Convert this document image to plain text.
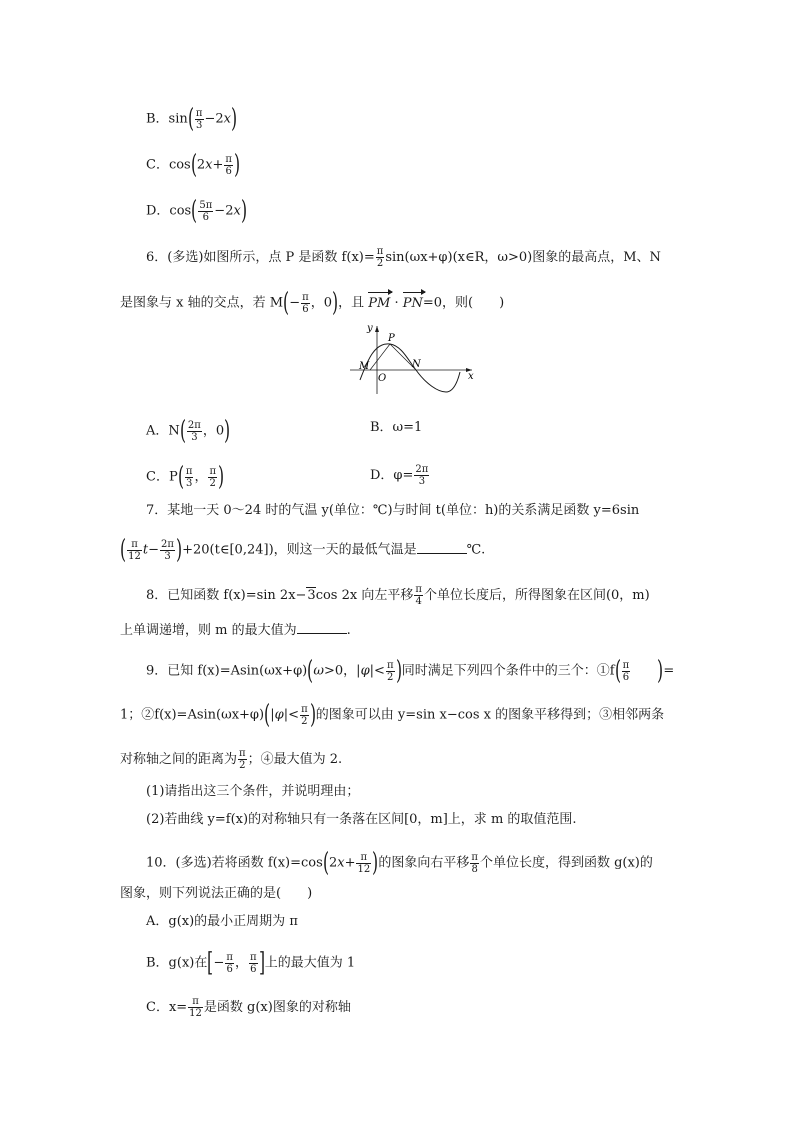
B．$\sin( \frac{\pi}{3} -2x)$
C．$\cos(2x+ \frac{\pi}{6}$ )
D．$\cos( \frac{5\pi}{6} -2x)$
6．(多选)如图所示，点 P 是函数 $f(x)= \frac{\pi}{2}$ sin(ωx+φ)(x∈R，ω>0)图象的最高点，M、N
是图象与 x 轴的交点，若 $M(- \frac{\pi}{6}$ ，0)，且 PM · PN=0，则(　　)
y
x
P
M	N
O
A．$N( \frac{2\pi}{3}$ ，0)	B．ω=1
C．$P( \frac{\pi}{3}$ ， $\frac{\pi}{2}$ )	D．$\varphi= \frac{2\pi}{3}$
7．某地一天 0～24 时的气温 y(单位：℃)与时间 t(单位：h)的关系满足函数 y=6sin
( $\frac{\pi}{12} t- \frac{2\pi}{3}$ )+20(t∈[0,24])，则这一天的最低气温是	℃.
8．已知函数 f(x)=sin 2x−3cos 2x 向左平移 $\frac{\pi}{4}$ 个单位长度后，所得图象在区间(0，m)
上单调递增，则 m 的最大值为	.
9．已知 f(x)=Asin(ωx+φ)(ω>0，$|\varphi|< \frac{\pi}{2}$ )同时满足下列四个条件中的三个：①f( $\frac{\pi}{6}$ )=
1；②f(x)=Asin(ωx+φ)(|φ|< $\frac{\pi}{2}$ )的图象可以由 y=sin x−cos x 的图象平移得到；③相邻两条
对称轴之间的距离为 $\frac{\pi}{2}$ ；④最大值为 2.
(1)请指出这三个条件，并说明理由；
(2)若曲线 y=f(x)的对称轴只有一条落在区间[0，m]上，求 m 的取值范围.
10．(多选)若将函数 $f(x)=\cos(2x+ \frac{\pi}{12}$ )的图象向右平移 $\frac{\pi}{8}$ 个单位长度，得到函数 g(x)的
图象，则下列说法正确的是(　　)
A．g(x)的最小正周期为 π
B．g(x)在[− $\frac{\pi}{6}$ ， $\frac{\pi}{6}$ ]上的最大值为 1
C．$x= \frac{\pi}{12}$ 是函数 g(x)图象的对称轴
